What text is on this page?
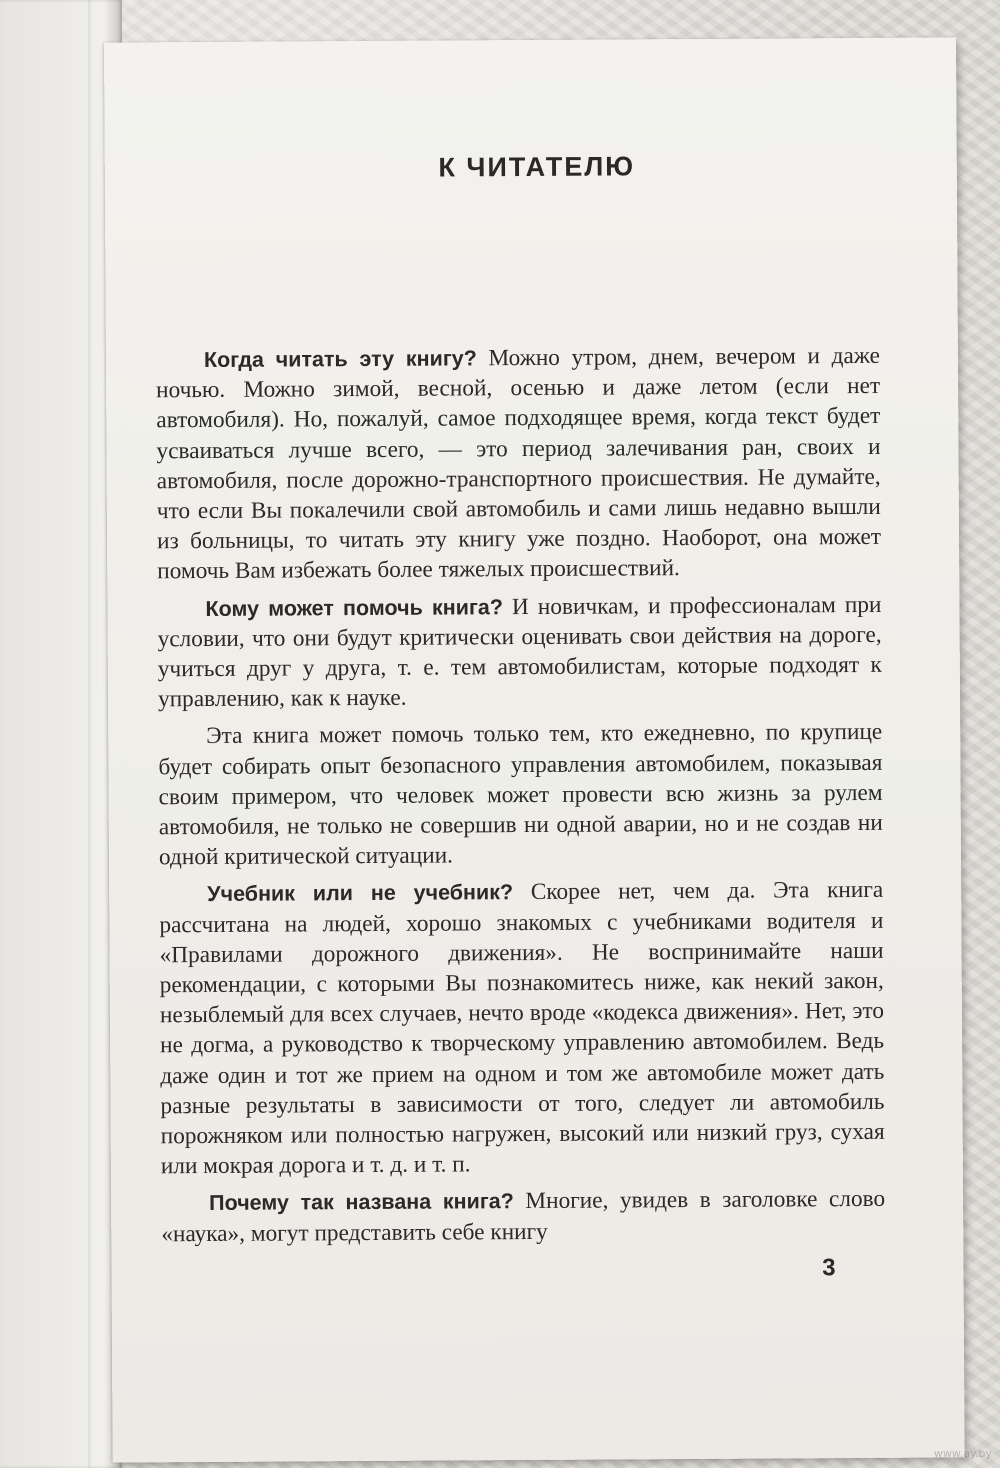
К ЧИТАТЕЛЮ

Когда читать эту книгу? Можно утром, днем, вечером и даже ночью. Можно зимой, весной, осенью и даже летом (если нет автомобиля). Но, пожалуй, самое подходящее время, когда текст будет усваиваться лучше всего, — это период залечивания ран, своих и автомобиля, после дорожно-транспортного происшествия. Не думайте, что если Вы покалечили свой автомобиль и сами лишь недавно вышли из больницы, то читать эту книгу уже поздно. Наоборот, она может помочь Вам избежать более тяжелых происшествий.

Кому может помочь книга? И новичкам, и профессионалам при условии, что они будут критически оценивать свои действия на дороге, учиться друг у друга, т. е. тем автомобилистам, которые подходят к управлению, как к науке.

Эта книга может помочь только тем, кто ежедневно, по крупице будет собирать опыт безопасного управления автомобилем, показывая своим примером, что человек может провести всю жизнь за рулем автомобиля, не только не совершив ни одной аварии, но и не создав ни одной критической ситуации.

Учебник или не учебник? Скорее нет, чем да. Эта книга рассчитана на людей, хорошо знакомых с учебниками водителя и «Правилами дорожного движения». Не воспринимайте наши рекомендации, с которыми Вы познакомитесь ниже, как некий закон, незыблемый для всех случаев, нечто вроде «кодекса движения». Нет, это не догма, а руководство к творческому управлению автомобилем. Ведь даже один и тот же прием на одном и том же автомобиле может дать разные результаты в зависимости от того, следует ли автомобиль порожняком или полностью нагружен, высокий или низкий груз, сухая или мокрая дорога и т. д. и т. п.

Почему так названа книга? Многие, увидев в заголовке слово «наука», могут представить себе книгу

3
www.ay.by
